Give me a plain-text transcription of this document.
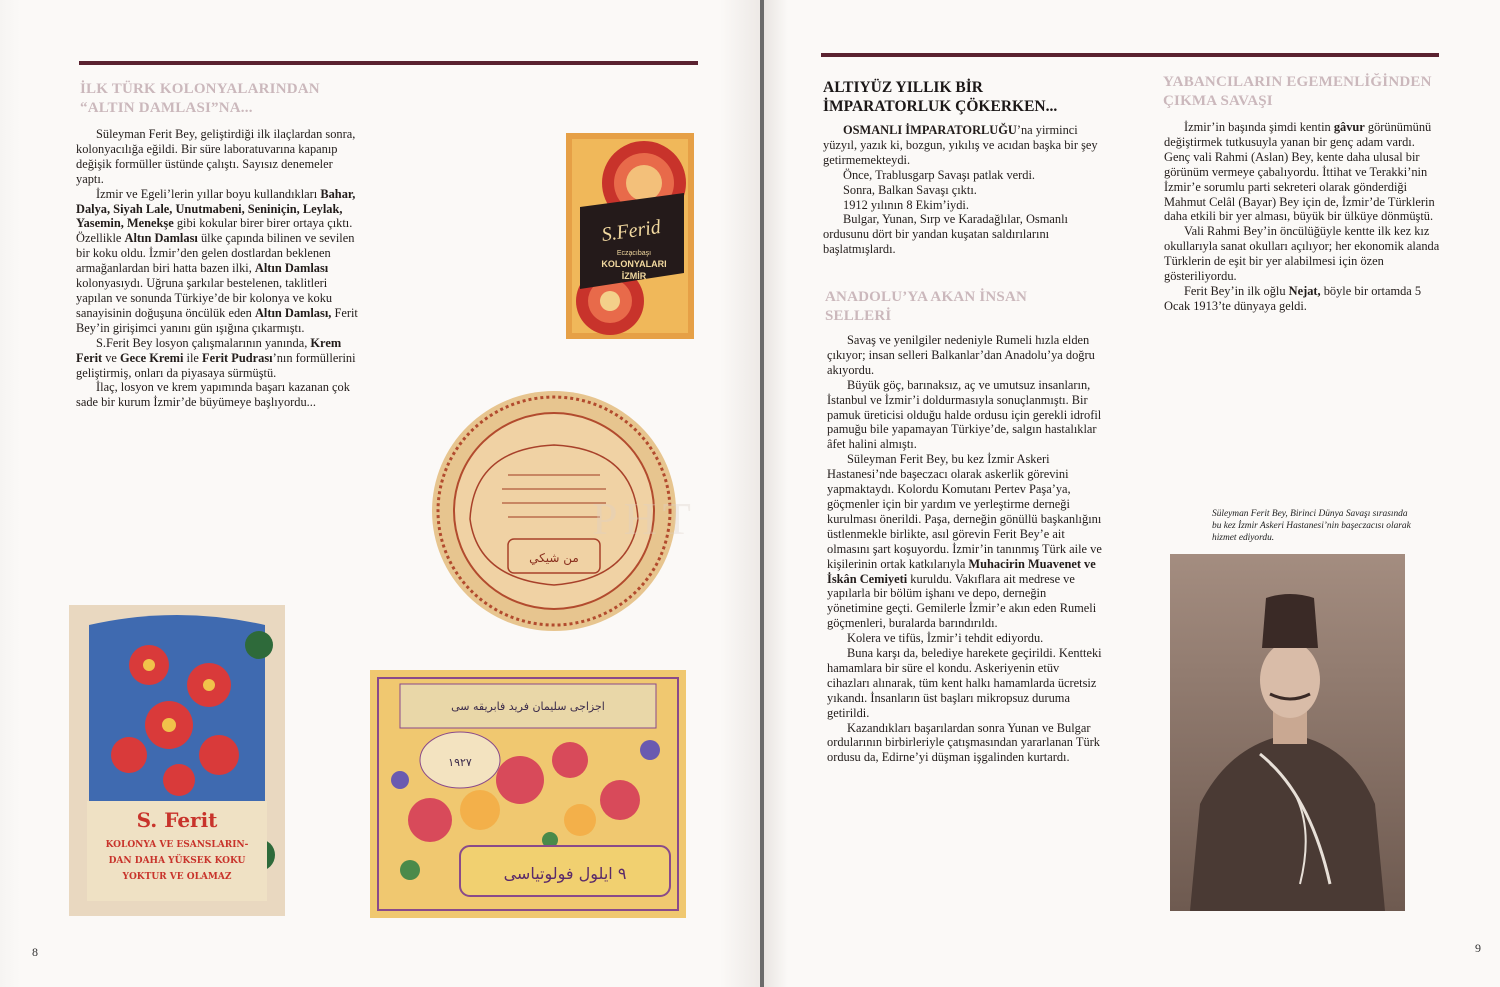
İLK TÜRK KOLONYALARINDAN
“ALTIN DAMLASI”NA...

Süleyman Ferit Bey, geliştirdiği ilk ilaçlardan sonra, kolonyacılığa eğildi. Bir süre laboratuvarına kapanıp değişik formüller üstünde çalıştı. Sayısız denemeler yaptı.

İzmir ve Egeli’lerin yıllar boyu kullandıkları Bahar, Dalya, Siyah Lale, Unutmabeni, Seniniçin, Leylak, Yasemin, Menekşe gibi kokular birer birer ortaya çıktı. Özellikle Altın Damlası ülke çapında bilinen ve sevilen bir koku oldu. İzmir’den gelen dostlardan beklenen armağanlardan biri hatta bazen ilki, Altın Damlası kolonyasıydı. Uğruna şarkılar bestelenen, taklitleri yapılan ve sonunda Türkiye’de bir kolonya ve koku sanayisinin doğuşuna öncülük eden Altın Damlası, Ferit Bey’in girişimci yanını gün ışığına çıkarmıştı.

S.Ferit Bey losyon çalışmalarının yanında, Krem Ferit ve Gece Kremi ile Ferit Pudrası’nın formüllerini geliştirmiş, onları da piyasaya sürmüştü.

İlaç, losyon ve krem yapımında başarı kazanan çok sade bir kurum İzmir’de büyümeye başlıyordu...

S.Ferid
Ecza̧cıbaşı
KOLONYALARI
İZMİR
من شيكي
PHT
S. Ferit
KOLONYA VE ESANSLARIN-
DAN DAHA YÜKSEK KOKU
YOKTUR VE OLAMAZ
اجزاجی سلیمان فرید فابریقه سی
١٩٢٧
٩ ایلول فولوتیاسی
8
ALTIYÜZ YILLIK BİR
İMPARATORLUK ÇÖKERKEN...

OSMANLI İMPARATORLUĞU’na yirminci yüzyıl, yazık ki, bozgun, yıkılış ve acıdan başka bir şey getirmemekteydi.

Önce, Trablusgarp Savaşı patlak verdi.

Sonra, Balkan Savaşı çıktı.

1912 yılının 8 Ekim’iydi.

Bulgar, Yunan, Sırp ve Karadağlılar, Osmanlı ordusunu dört bir yandan kuşatan saldırılarını başlatmışlardı.

ANADOLU’YA AKAN İNSAN
SELLERİ

Savaş ve yenilgiler nedeniyle Rumeli hızla elden çıkıyor; insan selleri Balkanlar’dan Anadolu’ya doğru akıyordu.

Büyük göç, barınaksız, aç ve umutsuz insanların, İstanbul ve İzmir’i doldurmasıyla sonuçlanmıştı. Bir pamuk üreticisi olduğu halde ordusu için gerekli idrofil pamuğu bile yapamayan Türkiye’de, salgın hastalıklar âfet halini almıştı.

Süleyman Ferit Bey, bu kez İzmir Askeri Hastanesi’nde başeczacı olarak askerlik görevini yapmaktaydı. Kolordu Komutanı Pertev Paşa’ya, göçmenler için bir yardım ve yerleştirme derneği kurulması önerildi. Paşa, derneğin gönüllü başkanlığını üstlenmekle birlikte, asıl görevin Ferit Bey’e ait olmasını şart koşuyordu. İzmir’in tanınmış Türk aile ve kişilerinin ortak katkılarıyla Muhacirin Muavenet ve İskân Cemiyeti kuruldu. Vakıflara ait medrese ve yapılarla bir bölüm işhanı ve depo, derneğin yönetimine geçti. Gemilerle İzmir’e akın eden Rumeli göçmenleri, buralarda barındırıldı.

Kolera ve tifüs, İzmir’i tehdit ediyordu.

Buna karşı da, belediye harekete geçirildi. Kentteki hamamlara bir süre el kondu. Askeriyenin etüv cihazları alınarak, tüm kent halkı hamamlarda ücretsiz yıkandı. İnsanların üst başları mikropsuz duruma getirildi.

Kazandıkları başarılardan sonra Yunan ve Bulgar ordularının birbirleriyle çatışmasından yararlanan Türk ordusu da, Edirne’yi düşman işgalinden kurtardı.

YABANCILARIN EGEMENLİĞİNDEN
ÇIKMA SAVAŞI

İzmir’in başında şimdi kentin gâvur görünümünü değiştirmek tutkusuyla yanan bir genç adam vardı. Genç vali Rahmi (Aslan) Bey, kente daha ulusal bir görünüm vermeye çabalıyordu. İttihat ve Terakki’nin İzmir’e sorumlu parti sekreteri olarak gönderdiği Mahmut Celâl (Bayar) Bey için de, İzmir’de Türklerin daha etkili bir yer alması, büyük bir ülküye dönmüştü.

Vali Rahmi Bey’in öncülüğüyle kentte ilk kez kız okullarıyla sanat okulları açılıyor; her ekonomik alanda Türklerin de eşit bir yer alabilmesi için özen gösteriliyordu.

Ferit Bey’in ilk oğlu Nejat, böyle bir ortamda 5 Ocak 1913’te dünyaya geldi.

Süleyman Ferit Bey, Birinci Dünya Savaşı sırasında bu kez İzmir Askeri Hastanesi’nin başeczacısı olarak hizmet ediyordu.
9
